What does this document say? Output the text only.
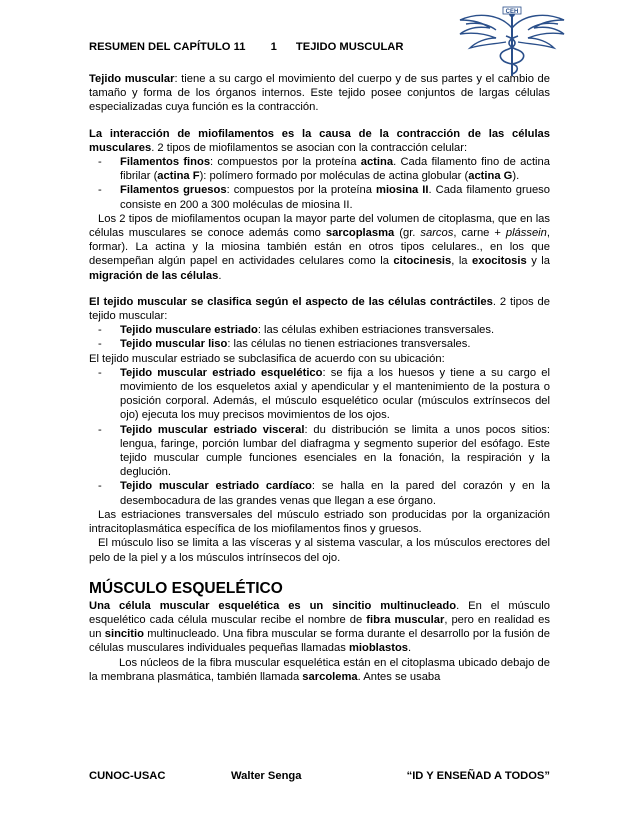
RESUMEN DEL CAPÍTULO 11 1 TEJIDO MUSCULAR
CEH

Tejido muscular: tiene a su cargo el movimiento del cuerpo y de sus partes y el cambio de tamaño y forma de los órganos internos. Este tejido posee conjuntos de largas células especializadas cuya función es la contracción.

La interacción de miofilamentos es la causa de la contracción de las células musculares. 2 tipos de miofilamentos se asocian con la contracción celular:

- Filamentos finos: compuestos por la proteína actina. Cada filamento fino de actina fibrilar (actina F): polímero formado por moléculas de actina globular (actina G).
- Filamentos gruesos: compuestos por la proteína miosina II. Cada filamento grueso consiste en 200 a 300 moléculas de miosina II.

Los 2 tipos de miofilamentos ocupan la mayor parte del volumen de citoplasma, que en las células musculares se conoce además como sarcoplasma (gr. sarcos, carne + plássein, formar). La actina y la miosina también están en otros tipos celulares., en los que desempeñan algún papel en actividades celulares como la citocinesis, la exocitosis y la migración de las células.

El tejido muscular se clasifica según el aspecto de las células contráctiles. 2 tipos de tejido muscular:

- Tejido musculare estriado: las células exhiben estriaciones transversales.
- Tejido muscular liso: las células no tienen estriaciones transversales.

El tejido muscular estriado se subclasifica de acuerdo con su ubicación:

- Tejido muscular estriado esquelético: se fija a los huesos y tiene a su cargo el movimiento de los esqueletos axial y apendicular y el mantenimiento de la postura o posición corporal. Además, el músculo esquelético ocular (músculos extrínsecos del ojo) ejecuta los muy precisos movimientos de los ojos.
- Tejido muscular estriado visceral: du distribución se limita a unos pocos sitios: lengua, faringe, porción lumbar del diafragma y segmento superior del esófago. Este tejido muscular cumple funciones esenciales en la fonación, la respiración y la deglución.
- Tejido muscular estriado cardíaco: se halla en la pared del corazón y en la desembocadura de las grandes venas que llegan a ese órgano.

Las estriaciones transversales del músculo estriado son producidas por la organización intracitoplasmática específica de los miofilamentos finos y gruesos.

El músculo liso se limita a las vísceras y al sistema vascular, a los músculos erectores del pelo de la piel y a los músculos intrínsecos del ojo.

MÚSCULO ESQUELÉTICO

Una célula muscular esquelética es un sincitio multinucleado. En el músculo esquelético cada célula muscular recibe el nombre de fibra muscular, pero en realidad es un sincitio multinucleado. Una fibra muscular se forma durante el desarrollo por la fusión de células musculares individuales pequeñas llamadas mioblastos.

Los núcleos de la fibra muscular esquelética están en el citoplasma ubicado debajo de la membrana plasmática, también llamada sarcolema. Antes se usaba

CUNOC-USAC	Walter Senga	“ID Y ENSEÑAD A TODOS”
